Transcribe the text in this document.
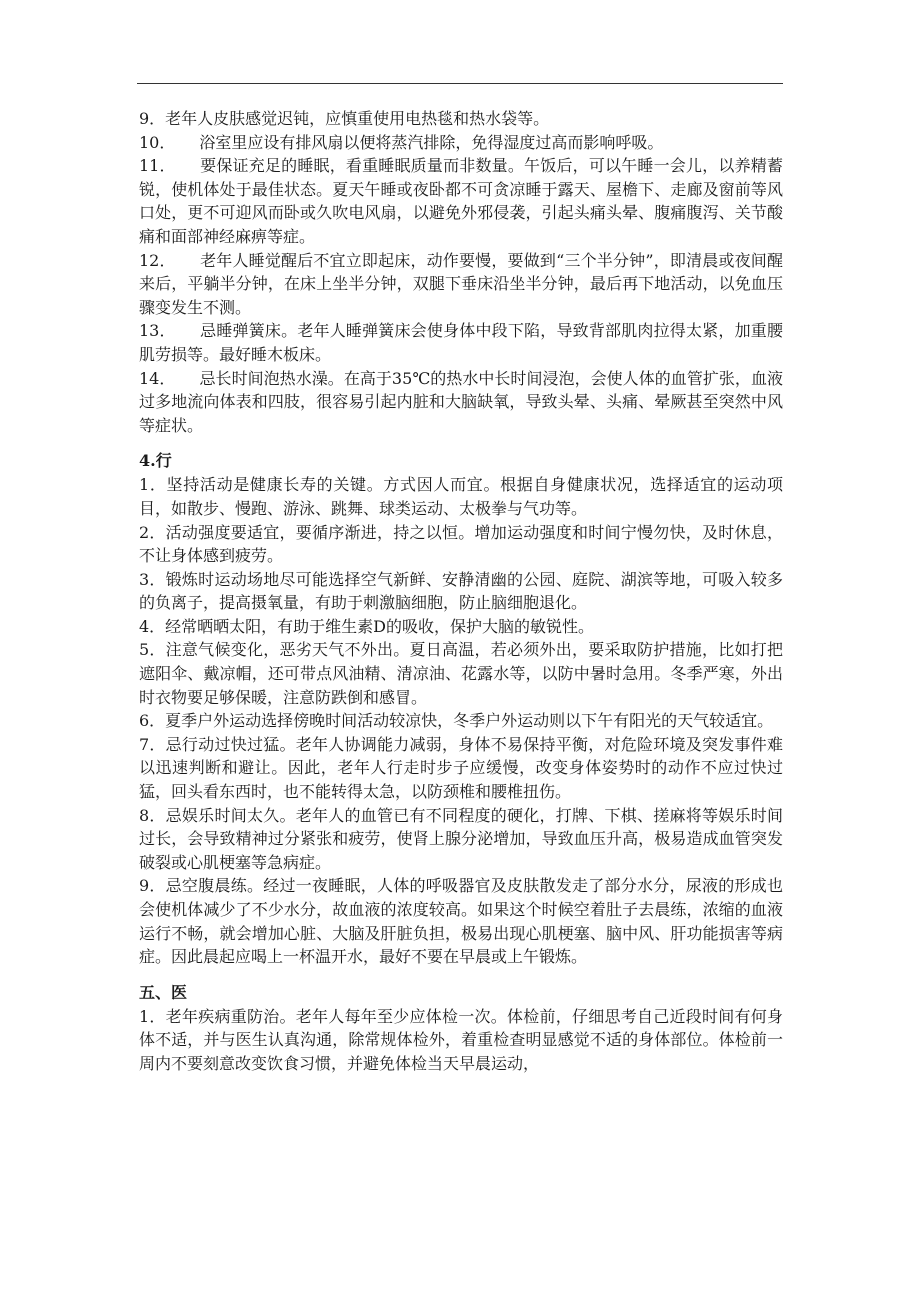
9．老年人皮肤感觉迟钝，应慎重使用电热毯和热水袋等。

10．　　浴室里应设有排风扇以便将蒸汽排除，免得湿度过高而影响呼吸。

11．　　要保证充足的睡眠，看重睡眠质量而非数量。午饭后，可以午睡一会儿，以养精蓄锐，使机体处于最佳状态。夏天午睡或夜卧都不可贪凉睡于露天、屋檐下、走廊及窗前等风口处，更不可迎风而卧或久吹电风扇，以避免外邪侵袭，引起头痛头晕、腹痛腹泻、关节酸痛和面部神经麻痹等症。

12．　　老年人睡觉醒后不宜立即起床，动作要慢，要做到“三个半分钟”，即清晨或夜间醒来后，平躺半分钟，在床上坐半分钟，双腿下垂床沿坐半分钟，最后再下地活动，以免血压骤变发生不测。

13．　　忌睡弹簧床。老年人睡弹簧床会使身体中段下陷，导致背部肌肉拉得太紧，加重腰肌劳损等。最好睡木板床。

14．　　忌长时间泡热水澡。在高于35℃的热水中长时间浸泡，会使人体的血管扩张，血液过多地流向体表和四肢，很容易引起内脏和大脑缺氧，导致头晕、头痛、晕厥甚至突然中风等症状。

4.行

1．坚持活动是健康长寿的关键。方式因人而宜。根据自身健康状况，选择适宜的运动项目，如散步、慢跑、游泳、跳舞、球类运动、太极拳与气功等。

2．活动强度要适宜，要循序渐进，持之以恒。增加运动强度和时间宁慢勿快，及时休息，不让身体感到疲劳。

3．锻炼时运动场地尽可能选择空气新鲜、安静清幽的公园、庭院、湖滨等地，可吸入较多的负离子，提高摄氧量，有助于刺激脑细胞，防止脑细胞退化。

4．经常晒晒太阳，有助于维生素D的吸收，保护大脑的敏锐性。

5．注意气候变化，恶劣天气不外出。夏日高温，若必须外出，要采取防护措施，比如打把遮阳伞、戴凉帽，还可带点风油精、清凉油、花露水等，以防中暑时急用。冬季严寒，外出时衣物要足够保暖，注意防跌倒和感冒。

6．夏季户外运动选择傍晚时间活动较凉快，冬季户外运动则以下午有阳光的天气较适宜。

7．忌行动过快过猛。老年人协调能力减弱，身体不易保持平衡，对危险环境及突发事件难以迅速判断和避让。因此，老年人行走时步子应缓慢，改变身体姿势时的动作不应过快过猛，回头看东西时，也不能转得太急，以防颈椎和腰椎扭伤。

8．忌娱乐时间太久。老年人的血管已有不同程度的硬化，打牌、下棋、搓麻将等娱乐时间过长，会导致精神过分紧张和疲劳，使肾上腺分泌增加，导致血压升高，极易造成血管突发破裂或心肌梗塞等急病症。

9．忌空腹晨练。经过一夜睡眠，人体的呼吸器官及皮肤散发走了部分水分，尿液的形成也会使机体减少了不少水分，故血液的浓度较高。如果这个时候空着肚子去晨练，浓缩的血液运行不畅，就会增加心脏、大脑及肝脏负担，极易出现心肌梗塞、脑中风、肝功能损害等病症。因此晨起应喝上一杯温开水，最好不要在早晨或上午锻炼。

五、医

1．老年疾病重防治。老年人每年至少应体检一次。体检前，仔细思考自己近段时间有何身体不适，并与医生认真沟通，除常规体检外，着重检查明显感觉不适的身体部位。体检前一周内不要刻意改变饮食习惯，并避免体检当天早晨运动，
